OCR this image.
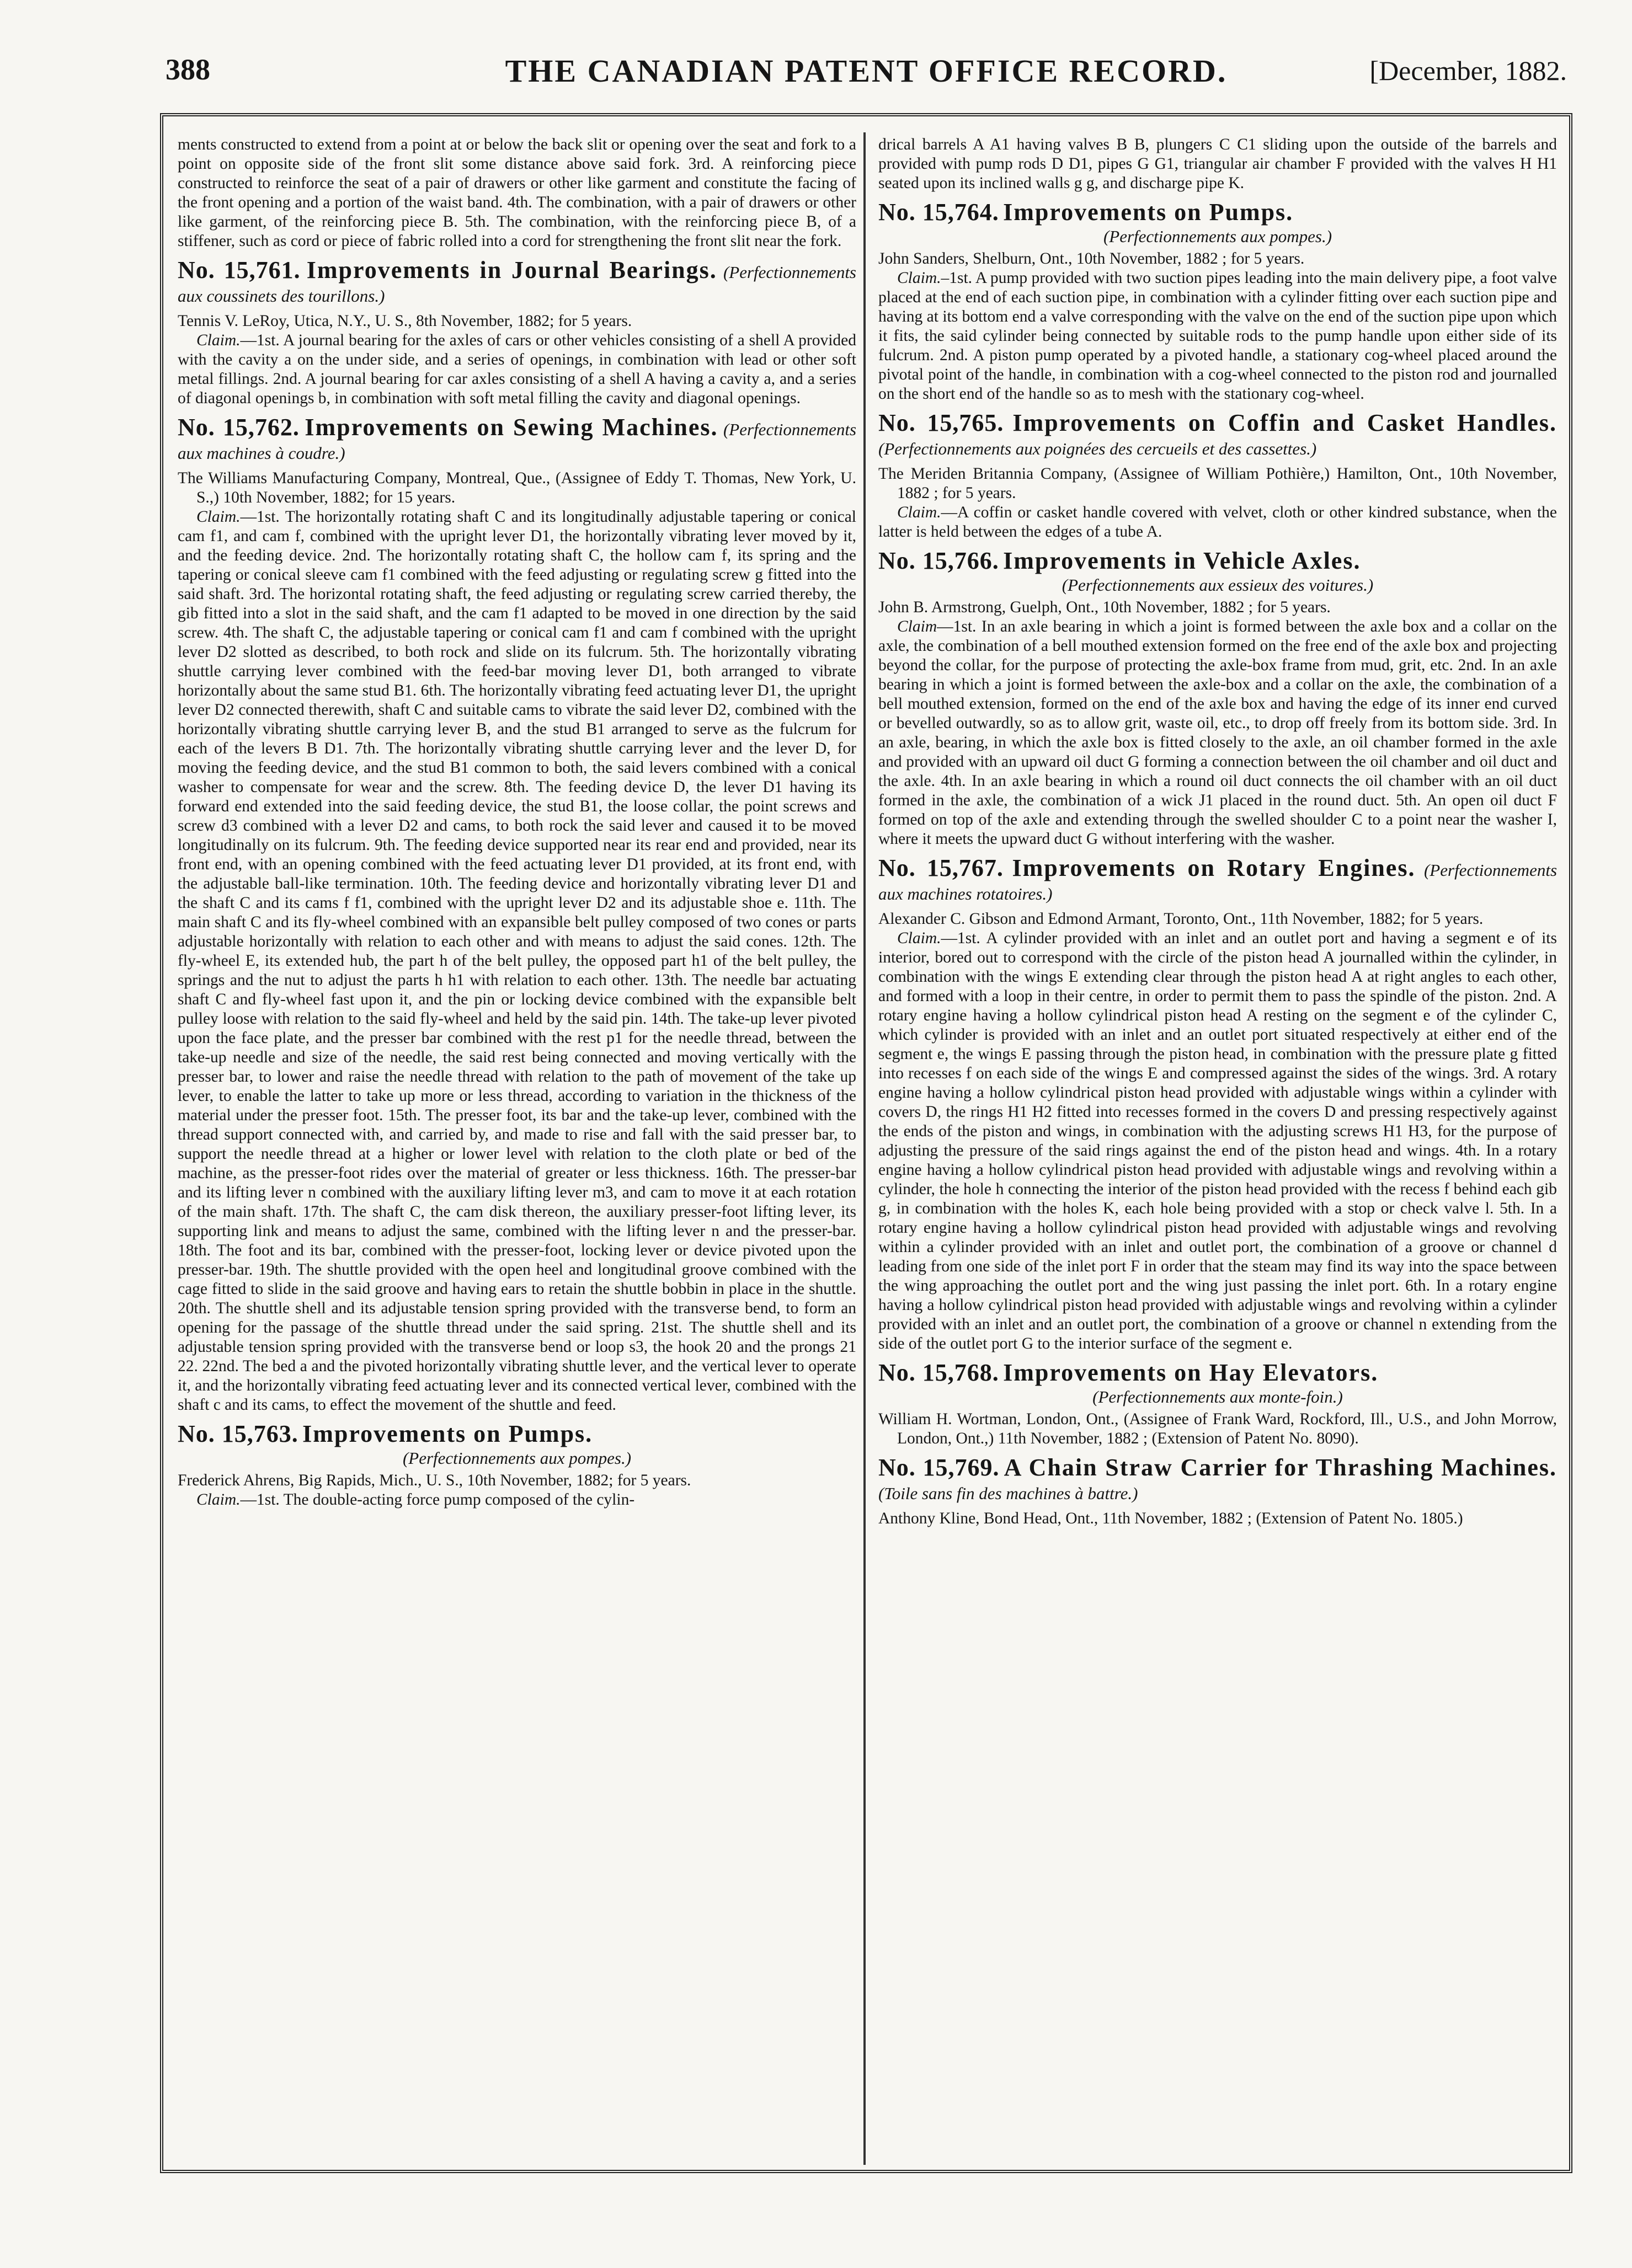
388	THE CANADIAN PATENT OFFICE RECORD.	[December, 1882.

ments constructed to extend from a point at or below the back slit or opening over the seat and fork to a point on opposite side of the front slit some distance above said fork. 3rd. A reinforcing piece constructed to reinforce the seat of a pair of drawers or other like garment and constitute the facing of the front opening and a portion of the waist band. 4th. The combination, with a pair of drawers or other like garment, of the reinforcing piece B. 5th. The combination, with the reinforcing piece B, of a stiffener, such as cord or piece of fabric rolled into a cord for strengthening the front slit near the fork.

No. 15,761. Improvements in Journal Bearings. (Perfectionnements aux coussinets des tourillons.)

Tennis V. LeRoy, Utica, N.Y., U. S., 8th November, 1882; for 5 years.

Claim.—1st. A journal bearing for the axles of cars or other vehicles consisting of a shell A provided with the cavity a on the under side, and a series of openings, in combination with lead or other soft metal fillings. 2nd. A journal bearing for car axles consisting of a shell A having a cavity a, and a series of diagonal openings b, in combination with soft metal filling the cavity and diagonal openings.

No. 15,762. Improvements on Sewing Machines. (Perfectionnements aux machines à coudre.)

The Williams Manufacturing Company, Montreal, Que., (Assignee of Eddy T. Thomas, New York, U. S.,) 10th November, 1882; for 15 years.

Claim.—1st. The horizontally rotating shaft C and its longitudinally adjustable tapering or conical cam f1, and cam f, combined with the upright lever D1, the horizontally vibrating lever moved by it, and the feeding device. 2nd. The horizontally rotating shaft C, the hollow cam f, its spring and the tapering or conical sleeve cam f1 combined with the feed adjusting or regulating screw g fitted into the said shaft. 3rd. The horizontal rotating shaft, the feed adjusting or regulating screw carried thereby, the gib fitted into a slot in the said shaft, and the cam f1 adapted to be moved in one direction by the said screw. 4th. The shaft C, the adjustable tapering or conical cam f1 and cam f combined with the upright lever D2 slotted as described, to both rock and slide on its fulcrum. 5th. The horizontally vibrating shuttle carrying lever combined with the feed-bar moving lever D1, both arranged to vibrate horizontally about the same stud B1. 6th. The horizontally vibrating feed actuating lever D1, the upright lever D2 connected therewith, shaft C and suitable cams to vibrate the said lever D2, combined with the horizontally vibrating shuttle carrying lever B, and the stud B1 arranged to serve as the fulcrum for each of the levers B D1. 7th. The horizontally vibrating shuttle carrying lever and the lever D, for moving the feeding device, and the stud B1 common to both, the said levers combined with a conical washer to compensate for wear and the screw. 8th. The feeding device D, the lever D1 having its forward end extended into the said feeding device, the stud B1, the loose collar, the point screws and screw d3 combined with a lever D2 and cams, to both rock the said lever and caused it to be moved longitudinally on its fulcrum. 9th. The feeding device supported near its rear end and provided, near its front end, with an opening combined with the feed actuating lever D1 provided, at its front end, with the adjustable ball-like termination. 10th. The feeding device and horizontally vibrating lever D1 and the shaft C and its cams f f1, combined with the upright lever D2 and its adjustable shoe e. 11th. The main shaft C and its fly-wheel combined with an expansible belt pulley composed of two cones or parts adjustable horizontally with relation to each other and with means to adjust the said cones. 12th. The fly-wheel E, its extended hub, the part h of the belt pulley, the opposed part h1 of the belt pulley, the springs and the nut to adjust the parts h h1 with relation to each other. 13th. The needle bar actuating shaft C and fly-wheel fast upon it, and the pin or locking device combined with the expansible belt pulley loose with relation to the said fly-wheel and held by the said pin. 14th. The take-up lever pivoted upon the face plate, and the presser bar combined with the rest p1 for the needle thread, between the take-up needle and size of the needle, the said rest being connected and moving vertically with the presser bar, to lower and raise the needle thread with relation to the path of movement of the take up lever, to enable the latter to take up more or less thread, according to variation in the thickness of the material under the presser foot. 15th. The presser foot, its bar and the take-up lever, combined with the thread support connected with, and carried by, and made to rise and fall with the said presser bar, to support the needle thread at a higher or lower level with relation to the cloth plate or bed of the machine, as the presser-foot rides over the material of greater or less thickness. 16th. The presser-bar and its lifting lever n combined with the auxiliary lifting lever m3, and cam to move it at each rotation of the main shaft. 17th. The shaft C, the cam disk thereon, the auxiliary presser-foot lifting lever, its supporting link and means to adjust the same, combined with the lifting lever n and the presser-bar. 18th. The foot and its bar, combined with the presser-foot, locking lever or device pivoted upon the presser-bar. 19th. The shuttle provided with the open heel and longitudinal groove combined with the cage fitted to slide in the said groove and having ears to retain the shuttle bobbin in place in the shuttle. 20th. The shuttle shell and its adjustable tension spring provided with the transverse bend, to form an opening for the passage of the shuttle thread under the said spring. 21st. The shuttle shell and its adjustable tension spring provided with the transverse bend or loop s3, the hook 20 and the prongs 21 22. 22nd. The bed a and the pivoted horizontally vibrating shuttle lever, and the vertical lever to operate it, and the horizontally vibrating feed actuating lever and its connected vertical lever, combined with the shaft c and its cams, to effect the movement of the shuttle and feed.

No. 15,763. Improvements on Pumps.

(Perfectionnements aux pompes.)

Frederick Ahrens, Big Rapids, Mich., U. S., 10th November, 1882; for 5 years.

Claim.—1st. The double-acting force pump composed of the cylin-

drical barrels A A1 having valves B B, plungers C C1 sliding upon the outside of the barrels and provided with pump rods D D1, pipes G G1, triangular air chamber F provided with the valves H H1 seated upon its inclined walls g g, and discharge pipe K.

No. 15,764. Improvements on Pumps.

(Perfectionnements aux pompes.)

John Sanders, Shelburn, Ont., 10th November, 1882 ; for 5 years.

Claim.–1st. A pump provided with two suction pipes leading into the main delivery pipe, a foot valve placed at the end of each suction pipe, in combination with a cylinder fitting over each suction pipe and having at its bottom end a valve corresponding with the valve on the end of the suction pipe upon which it fits, the said cylinder being connected by suitable rods to the pump handle upon either side of its fulcrum. 2nd. A piston pump operated by a pivoted handle, a stationary cog-wheel placed around the pivotal point of the handle, in combination with a cog-wheel connected to the piston rod and journalled on the short end of the handle so as to mesh with the stationary cog-wheel.

No. 15,765. Improvements on Coffin and Casket Handles. (Perfectionnements aux poignées des cercueils et des cassettes.)

The Meriden Britannia Company, (Assignee of William Pothière,) Hamilton, Ont., 10th November, 1882 ; for 5 years.

Claim.—A coffin or casket handle covered with velvet, cloth or other kindred substance, when the latter is held between the edges of a tube A.

No. 15,766. Improvements in Vehicle Axles.

(Perfectionnements aux essieux des voitures.)

John B. Armstrong, Guelph, Ont., 10th November, 1882 ; for 5 years.

Claim—1st. In an axle bearing in which a joint is formed between the axle box and a collar on the axle, the combination of a bell mouthed extension formed on the free end of the axle box and projecting beyond the collar, for the purpose of protecting the axle-box frame from mud, grit, etc. 2nd. In an axle bearing in which a joint is formed between the axle-box and a collar on the axle, the combination of a bell mouthed extension, formed on the end of the axle box and having the edge of its inner end curved or bevelled outwardly, so as to allow grit, waste oil, etc., to drop off freely from its bottom side. 3rd. In an axle, bearing, in which the axle box is fitted closely to the axle, an oil chamber formed in the axle and provided with an upward oil duct G forming a connection between the oil chamber and oil duct and the axle. 4th. In an axle bearing in which a round oil duct connects the oil chamber with an oil duct formed in the axle, the combination of a wick J1 placed in the round duct. 5th. An open oil duct F formed on top of the axle and extending through the swelled shoulder C to a point near the washer I, where it meets the upward duct G without interfering with the washer.

No. 15,767. Improvements on Rotary Engines. (Perfectionnements aux machines rotatoires.)

Alexander C. Gibson and Edmond Armant, Toronto, Ont., 11th November, 1882; for 5 years.

Claim.—1st. A cylinder provided with an inlet and an outlet port and having a segment e of its interior, bored out to correspond with the circle of the piston head A journalled within the cylinder, in combination with the wings E extending clear through the piston head A at right angles to each other, and formed with a loop in their centre, in order to permit them to pass the spindle of the piston. 2nd. A rotary engine having a hollow cylindrical piston head A resting on the segment e of the cylinder C, which cylinder is provided with an inlet and an outlet port situated respectively at either end of the segment e, the wings E passing through the piston head, in combination with the pressure plate g fitted into recesses f on each side of the wings E and compressed against the sides of the wings. 3rd. A rotary engine having a hollow cylindrical piston head provided with adjustable wings within a cylinder with covers D, the rings H1 H2 fitted into recesses formed in the covers D and pressing respectively against the ends of the piston and wings, in combination with the adjusting screws H1 H3, for the purpose of adjusting the pressure of the said rings against the end of the piston head and wings. 4th. In a rotary engine having a hollow cylindrical piston head provided with adjustable wings and revolving within a cylinder, the hole h connecting the interior of the piston head provided with the recess f behind each gib g, in combination with the holes K, each hole being provided with a stop or check valve l. 5th. In a rotary engine having a hollow cylindrical piston head provided with adjustable wings and revolving within a cylinder provided with an inlet and outlet port, the combination of a groove or channel d leading from one side of the inlet port F in order that the steam may find its way into the space between the wing approaching the outlet port and the wing just passing the inlet port. 6th. In a rotary engine having a hollow cylindrical piston head provided with adjustable wings and revolving within a cylinder provided with an inlet and an outlet port, the combination of a groove or channel n extending from the side of the outlet port G to the interior surface of the segment e.

No. 15,768. Improvements on Hay Elevators.

(Perfectionnements aux monte-foin.)

William H. Wortman, London, Ont., (Assignee of Frank Ward, Rockford, Ill., U.S., and John Morrow, London, Ont.,) 11th November, 1882 ; (Extension of Patent No. 8090).

No. 15,769. A Chain Straw Carrier for Thrashing Machines. (Toile sans fin des machines à battre.)

Anthony Kline, Bond Head, Ont., 11th November, 1882 ; (Extension of Patent No. 1805.)
